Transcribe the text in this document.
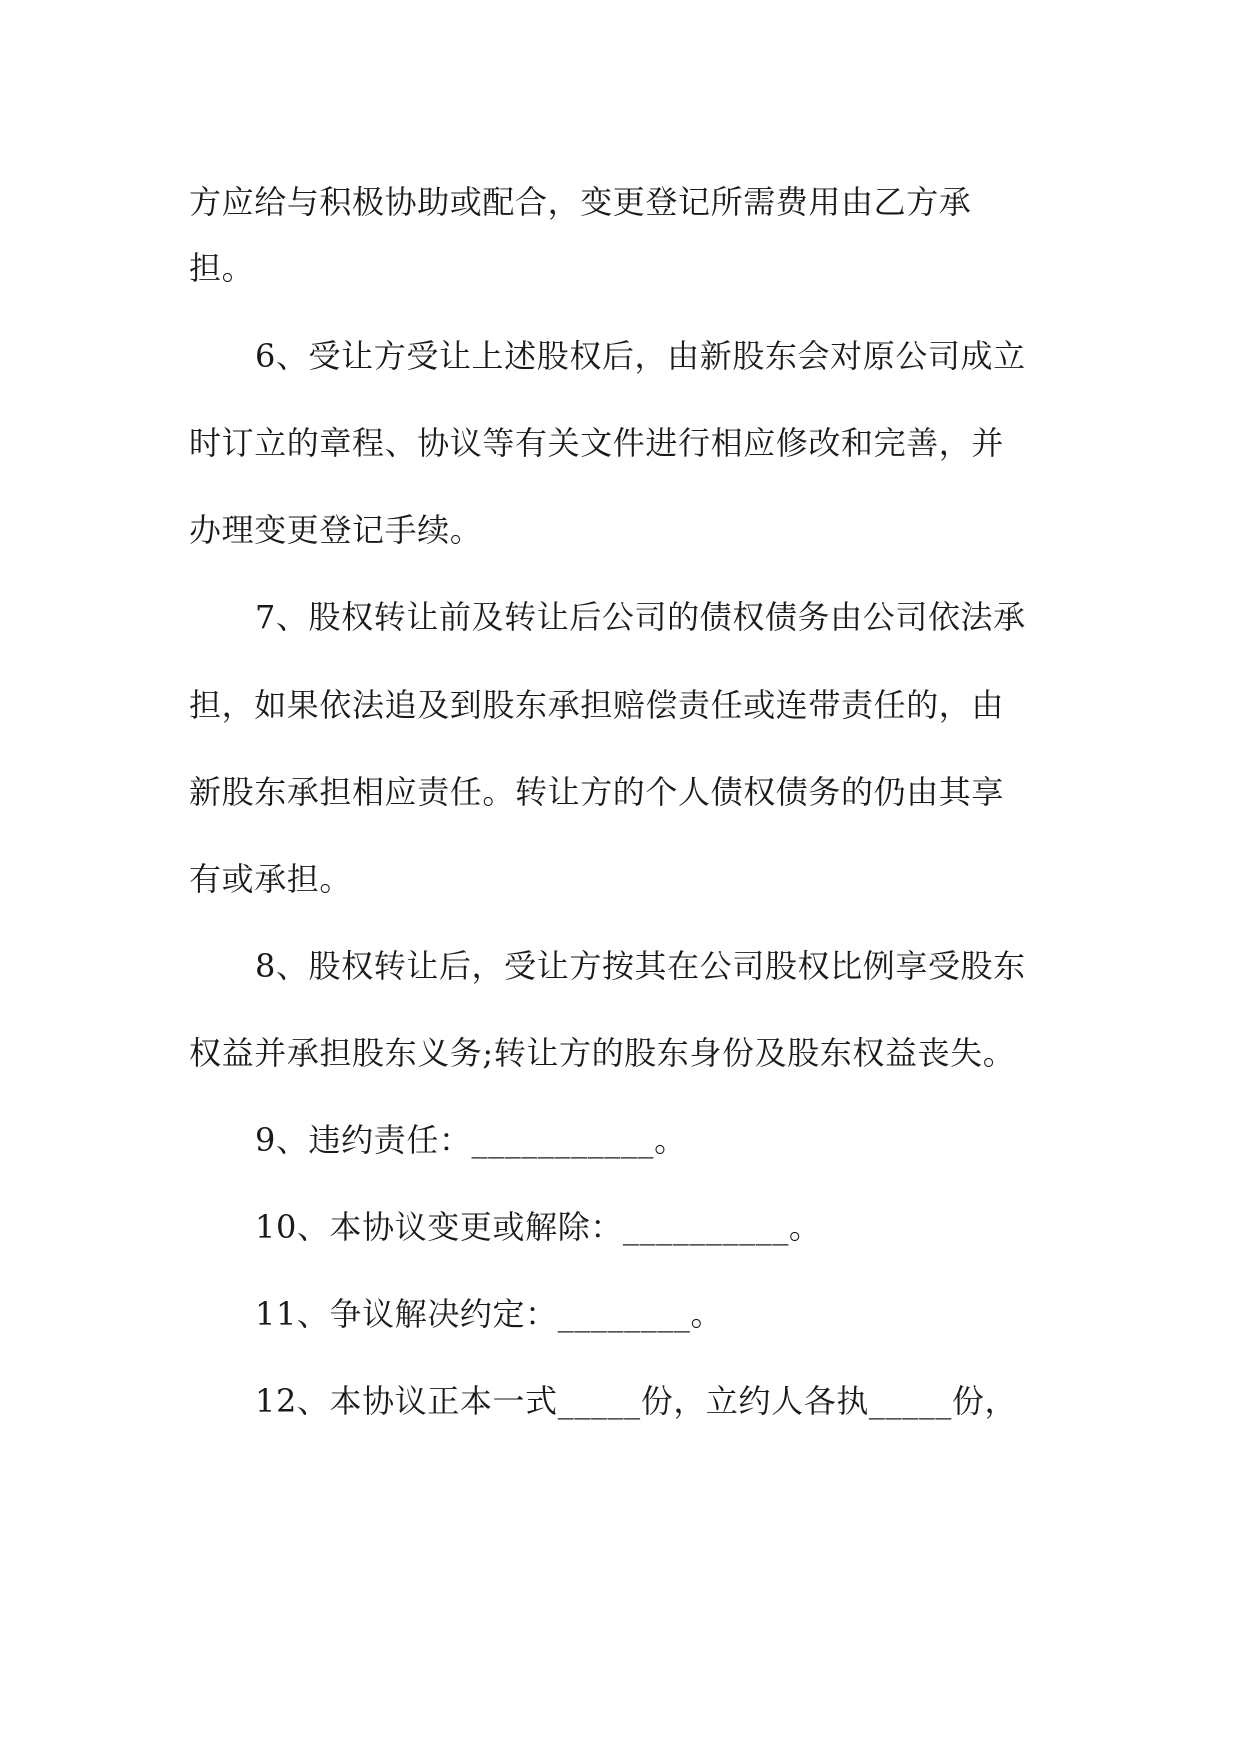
方应给与积极协助或配合，变更登记所需费用由乙方承
担。
6、受让方受让上述股权后，由新股东会对原公司成立
时订立的章程、协议等有关文件进行相应修改和完善，并
办理变更登记手续。
7、股权转让前及转让后公司的债权债务由公司依法承
担，如果依法追及到股东承担赔偿责任或连带责任的，由
新股东承担相应责任。转让方的个人债权债务的仍由其享
有或承担。
8、股权转让后，受让方按其在公司股权比例享受股东
权益并承担股东义务;转让方的股东身份及股东权益丧失。
9、违约责任：___________。
10、本协议变更或解除：__________。
11、争议解决约定：________。
12、本协议正本一式_____份，立约人各执_____份，
